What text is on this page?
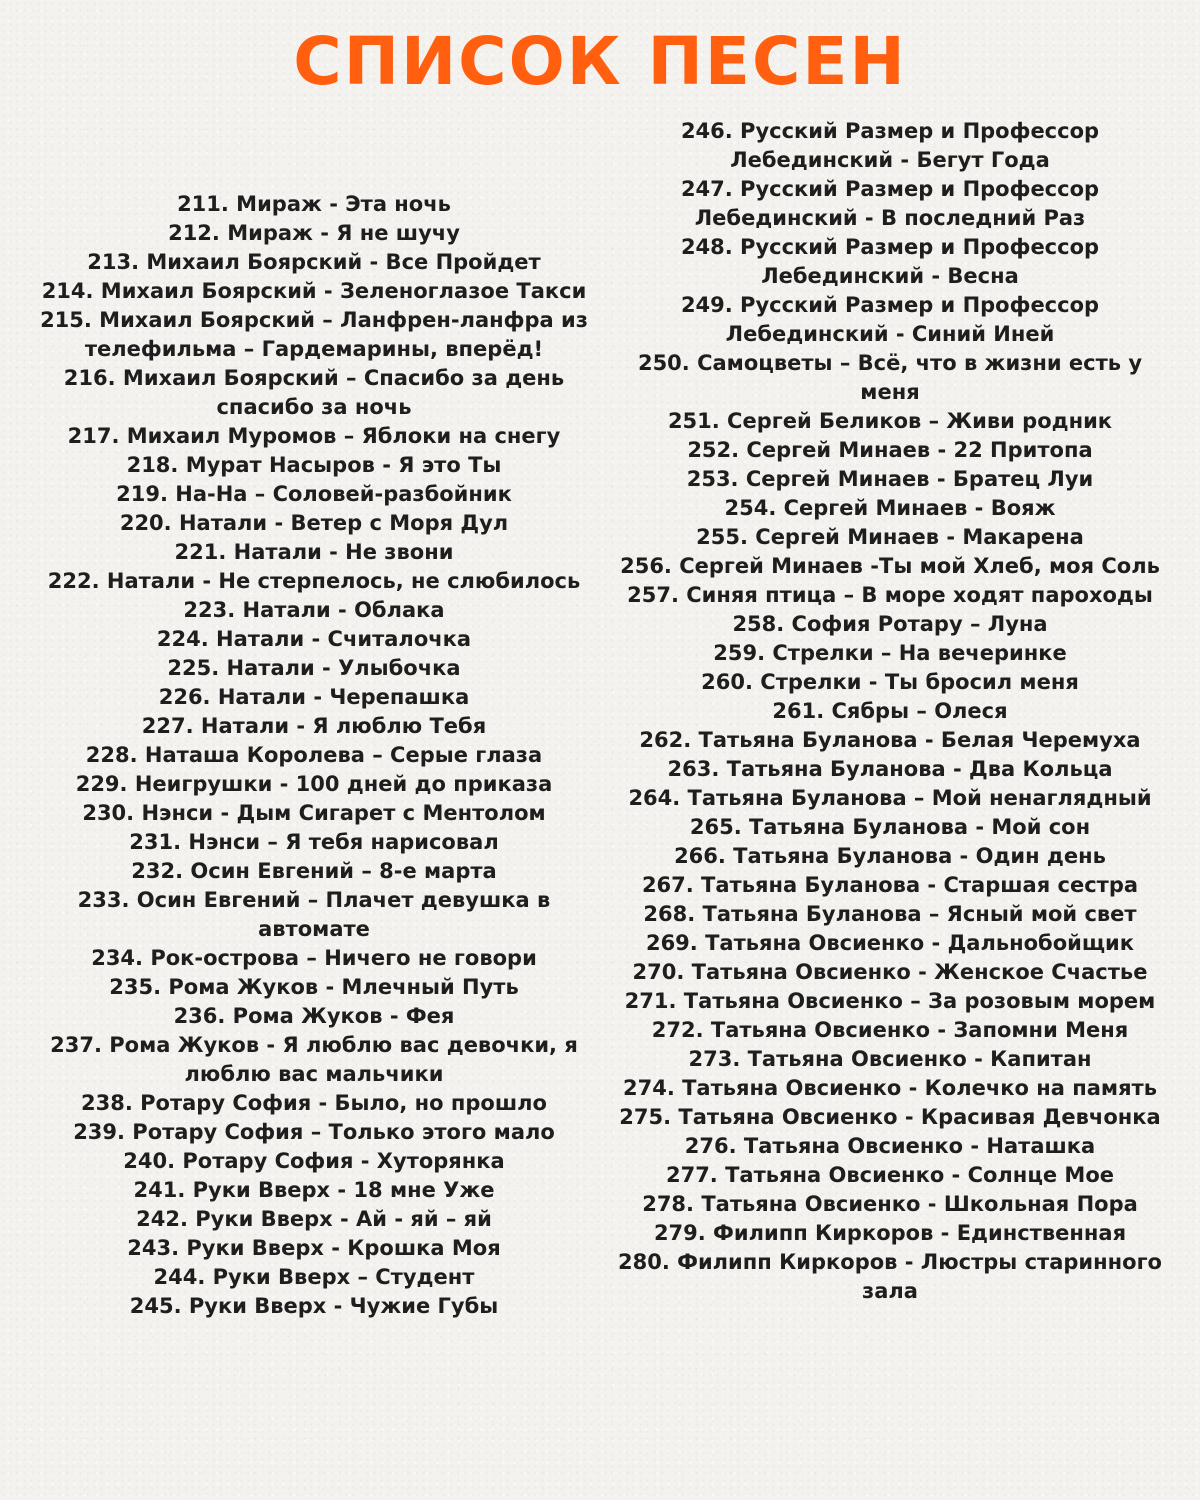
СПИСОК ПЕСЕН
211. Мираж - Эта ночь
212. Мираж - Я не шучу
213. Михаил Боярский - Все Пройдет
214. Михаил Боярский - Зеленоглазое Такси
215. Михаил Боярский – Ланфрен-ланфра из телефильма – Гардемарины, вперёд!
216. Михаил Боярский – Спасибо за день спасибо за ночь
217. Михаил Муромов – Яблоки на снегу
218. Мурат Насыров - Я это Ты
219. На-На – Соловей-разбойник
220. Натали - Ветер с Моря Дул
221. Натали - Не звони
222. Натали - Не стерпелось, не слюбилось
223. Натали - Облака
224. Натали - Считалочка
225. Натали - Улыбочка
226. Натали - Черепашка
227. Натали - Я люблю Тебя
228. Наташа Королева – Серые глаза
229. Неигрушки - 100 дней до приказа
230. Нэнси - Дым Сигарет с Ментолом
231. Нэнси – Я тебя нарисовал
232. Осин Евгений – 8-е марта
233. Осин Евгений – Плачет девушка в автомате
234. Рок-острова – Ничего не говори
235. Рома Жуков - Млечный Путь
236. Рома Жуков - Фея
237. Рома Жуков - Я люблю вас девочки, я люблю вас мальчики
238. Ротару София - Было, но прошло
239. Ротару София – Только этого мало
240. Ротару София - Хуторянка
241. Руки Вверх - 18 мне Уже
242. Руки Вверх - Ай - яй – яй
243. Руки Вверх - Крошка Моя
244. Руки Вверх – Студент
245. Руки Вверх - Чужие Губы
246. Русский Размер и Профессор Лебединский - Бегут Года
247. Русский Размер и Профессор Лебединский - В последний Раз
248. Русский Размер и Профессор Лебединский - Весна
249. Русский Размер и Профессор Лебединский - Синий Иней
250. Самоцветы – Всё, что в жизни есть у меня
251. Сергей Беликов – Живи родник
252. Сергей Минаев - 22 Притопа
253. Сергей Минаев - Братец Луи
254. Сергей Минаев - Вояж
255. Сергей Минаев - Макарена
256. Сергей Минаев -Ты мой Хлеб, моя Соль
257. Синяя птица – В море ходят пароходы
258. София Ротару – Луна
259. Стрелки – На вечеринке
260. Стрелки - Ты бросил меня
261. Сябры – Олеся
262. Татьяна Буланова - Белая Черемуха
263. Татьяна Буланова - Два Кольца
264. Татьяна Буланова – Мой ненаглядный
265. Татьяна Буланова - Мой сон
266. Татьяна Буланова - Один день
267. Татьяна Буланова - Старшая сестра
268. Татьяна Буланова – Ясный мой свет
269. Татьяна Овсиенко - Дальнобойщик
270. Татьяна Овсиенко - Женское Счастье
271. Татьяна Овсиенко – За розовым морем
272. Татьяна Овсиенко - Запомни Меня
273. Татьяна Овсиенко - Капитан
274. Татьяна Овсиенко - Колечко на память
275. Татьяна Овсиенко - Красивая Девчонка
276. Татьяна Овсиенко - Наташка
277. Татьяна Овсиенко - Солнце Мое
278. Татьяна Овсиенко - Школьная Пора
279. Филипп Киркоров - Единственная
280. Филипп Киркоров - Люстры старинного зала
